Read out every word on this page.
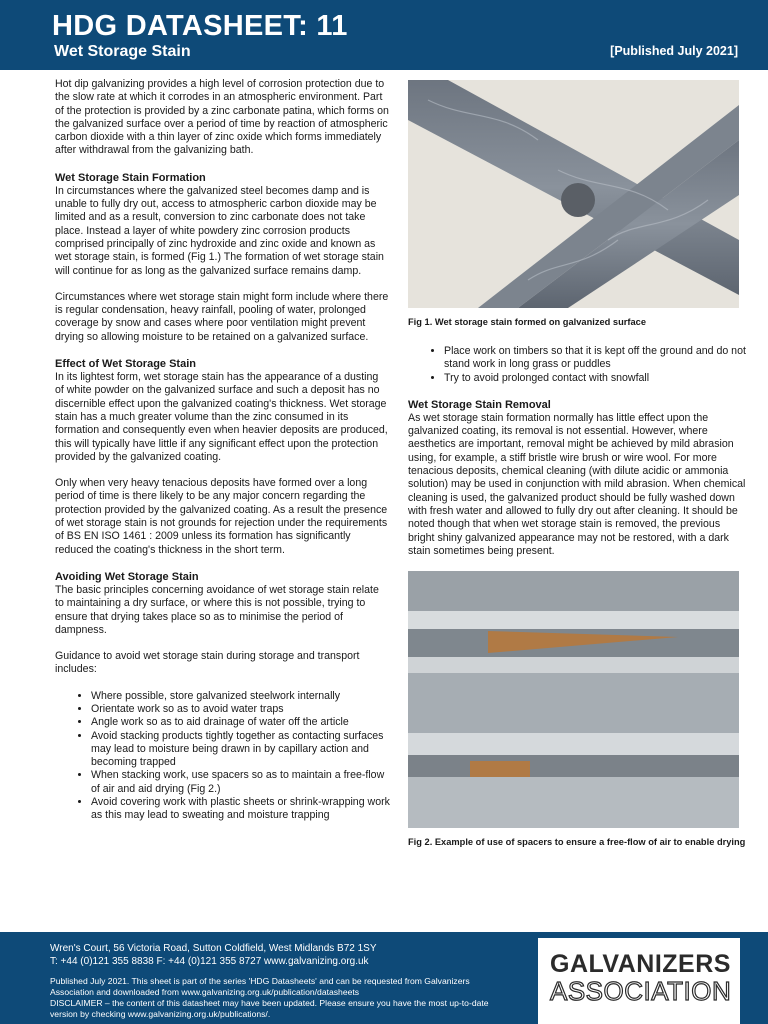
HDG DATASHEET: 11
Wet Storage Stain	[Published July 2021]

Hot dip galvanizing provides a high level of corrosion protection due to the slow rate at which it corrodes in an atmospheric environment. Part of the protection is provided by a zinc carbonate patina, which forms on the galvanized surface over a period of time by reaction of atmospheric carbon dioxide with a thin layer of zinc oxide which forms immediately after withdrawal from the galvanizing bath.

Wet Storage Stain Formation

In circumstances where the galvanized steel becomes damp and is unable to fully dry out, access to atmospheric carbon dioxide may be limited and as a result, conversion to zinc carbonate does not take place. Instead a layer of white powdery zinc corrosion products comprised principally of zinc hydroxide and zinc oxide and known as wet storage stain, is formed (Fig 1.) The formation of wet storage stain will continue for as long as the galvanized surface remains damp.

Circumstances where wet storage stain might form include where there is regular condensation, heavy rainfall, pooling of water, prolonged coverage by snow and cases where poor ventilation might prevent drying so allowing moisture to be retained on a galvanized surface.

Effect of Wet Storage Stain

In its lightest form, wet storage stain has the appearance of a dusting of white powder on the galvanized surface and such a deposit has no discernible effect upon the galvanized coating's thickness. Wet storage stain has a much greater volume than the zinc consumed in its formation and consequently even when heavier deposits are produced, this will typically have little if any significant effect upon the protection provided by the galvanized coating.

Only when very heavy tenacious deposits have formed over a long period of time is there likely to be any major concern regarding the protection provided by the galvanized coating. As a result the presence of wet storage stain is not grounds for rejection under the requirements of BS EN ISO 1461 : 2009 unless its formation has significantly reduced the coating's thickness in the short term.

Avoiding Wet Storage Stain

The basic principles concerning avoidance of wet storage stain relate to maintaining a dry surface, or where this is not possible, trying to ensure that drying takes place so as to minimise the period of dampness.

Guidance to avoid wet storage stain during storage and transport includes:

• Where possible, store galvanized steelwork internally
• Orientate work so as to avoid water traps
• Angle work so as to aid drainage of water off the article
• Avoid stacking products tightly together as contacting surfaces may lead to moisture being drawn in by capillary action and becoming trapped
• When stacking work, use spacers so as to maintain a free-flow of air and aid drying (Fig 2.)
• Avoid covering work with plastic sheets or shrink-wrapping work as this may lead to sweating and moisture trapping
Fig 1. Wet storage stain formed on galvanized surface
• Place work on timbers so that it is kept off the ground and do not stand work in long grass or puddles
• Try to avoid prolonged contact with snowfall
Wet Storage Stain Removal

As wet storage stain formation normally has little effect upon the galvanized coating, its removal is not essential. However, where aesthetics are important, removal might be achieved by mild abrasion using, for example, a stiff bristle wire brush or wire wool. For more tenacious deposits, chemical cleaning (with dilute acidic or ammonia solution) may be used in conjunction with mild abrasion. When chemical cleaning is used, the galvanized product should be fully washed down with fresh water and allowed to fully dry out after cleaning. It should be noted though that when wet storage stain is removed, the previous bright shiny galvanized appearance may not be restored, with a dark stain sometimes being present.

Fig 2. Example of use of spacers to ensure a free-flow of air to enable drying
Wren's Court, 56 Victoria Road, Sutton Coldfield, West Midlands B72 1SY
T: +44 (0)121 355 8838 F: +44 (0)121 355 8727 www.galvanizing.org.uk
Published July 2021. This sheet is part of the series 'HDG Datasheets' and can be requested from Galvanizers Association and downloaded from www.galvanizing.org.uk/publication/datasheets
DISCLAIMER – the content of this datasheet may have been updated. Please ensure you have the most up-to-date version by checking www.galvanizing.org.uk/publications/.
GALVANIZERS
ASSOCIATION
